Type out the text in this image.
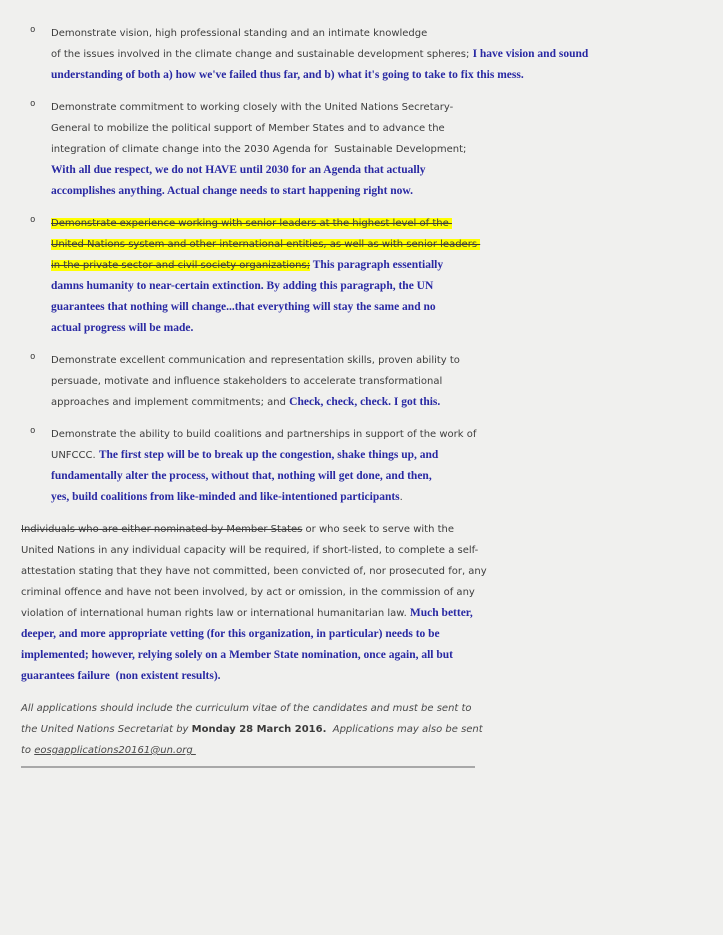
o Demonstrate vision, high professional standing and an intimate knowledge
of the issues involved in the climate change and sustainable development spheres; I have vision and sound
understanding of both a) how we've failed thus far, and b) what it's going to take to fix this mess.
o Demonstrate commitment to working closely with the United Nations Secretary-
General to mobilize the political support of Member States and to advance the
integration of climate change into the 2030 Agenda for  Sustainable Development;
With all due respect, we do not HAVE until 2030 for an Agenda that actually
accomplishes anything. Actual change needs to start happening right now.
o Demonstrate experience working with senior leaders at the highest level of the
United Nations system and other international entities, as well as with senior leaders
in the private sector and civil society organizations; This paragraph essentially
damns humanity to near-certain extinction. By adding this paragraph, the UN
guarantees that nothing will change...that everything will stay the same and no
actual progress will be made.
o Demonstrate excellent communication and representation skills, proven ability to
persuade, motivate and influence stakeholders to accelerate transformational
approaches and implement commitments; and Check, check, check. I got this.
o Demonstrate the ability to build coalitions and partnerships in support of the work of
UNFCCC. The first step will be to break up the congestion, shake things up, and
fundamentally alter the process, without that, nothing will get done, and then,
yes, build coalitions from like-minded and like-intentioned participants.
Individuals who are either nominated by Member States or who seek to serve with the
United Nations in any individual capacity will be required, if short-listed, to complete a self-
attestation stating that they have not committed, been convicted of, nor prosecuted for, any
criminal offence and have not been involved, by act or omission, in the commission of any
violation of international human rights law or international humanitarian law. Much better,
deeper, and more appropriate vetting (for this organization, in particular) needs to be
implemented; however, relying solely on a Member State nomination, once again, all but
guarantees failure  (non existent results).
All applications should include the curriculum vitae of the candidates and must be sent to
the United Nations Secretariat by Monday 28 March 2016.  Applications may also be sent
to eosgapplications20161@un.org
